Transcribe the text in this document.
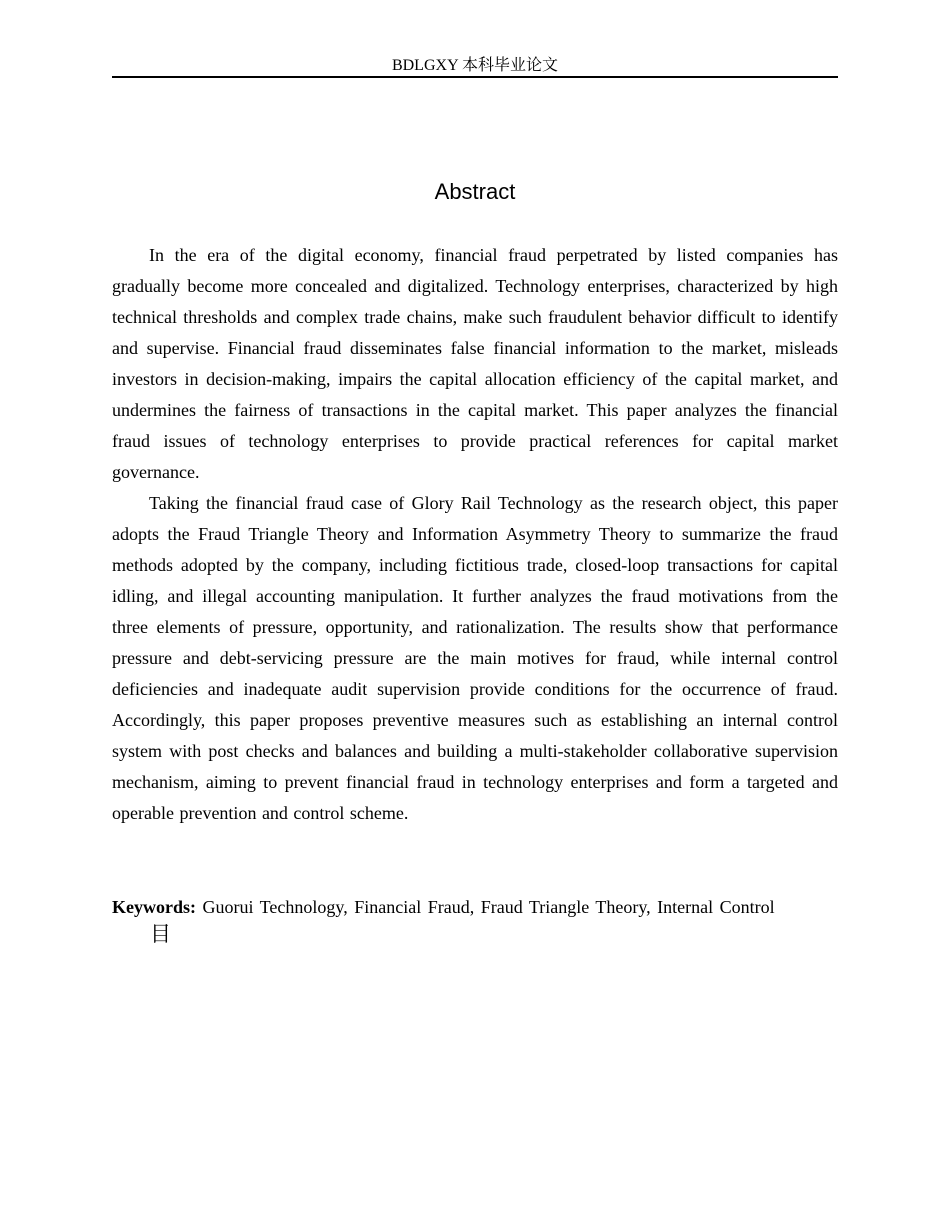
BDLGXY 本科毕业论文
Abstract

In the era of the digital economy, financial fraud perpetrated by listed companies has gradually become more concealed and digitalized. Technology enterprises, characterized by high technical thresholds and complex trade chains, make such fraudulent behavior difficult to identify and supervise. Financial fraud disseminates false financial information to the market, misleads investors in decision-making, impairs the capital allocation efficiency of the capital market, and undermines the fairness of transactions in the capital market. This paper analyzes the financial fraud issues of technology enterprises to provide practical references for capital market governance.

Taking the financial fraud case of Glory Rail Technology as the research object, this paper adopts the Fraud Triangle Theory and Information Asymmetry Theory to summarize the fraud methods adopted by the company, including fictitious trade, closed-loop transactions for capital idling, and illegal accounting manipulation. It further analyzes the fraud motivations from the three elements of pressure, opportunity, and rationalization. The results show that performance pressure and debt-servicing pressure are the main motives for fraud, while internal control deficiencies and inadequate audit supervision provide conditions for the occurrence of fraud. Accordingly, this paper proposes preventive measures such as establishing an internal control system with post checks and balances and building a multi-stakeholder collaborative supervision mechanism, aiming to prevent financial fraud in technology enterprises and form a targeted and operable prevention and control scheme.

Keywords: Guorui Technology, Financial Fraud, Fraud Triangle Theory, Internal Control
目
